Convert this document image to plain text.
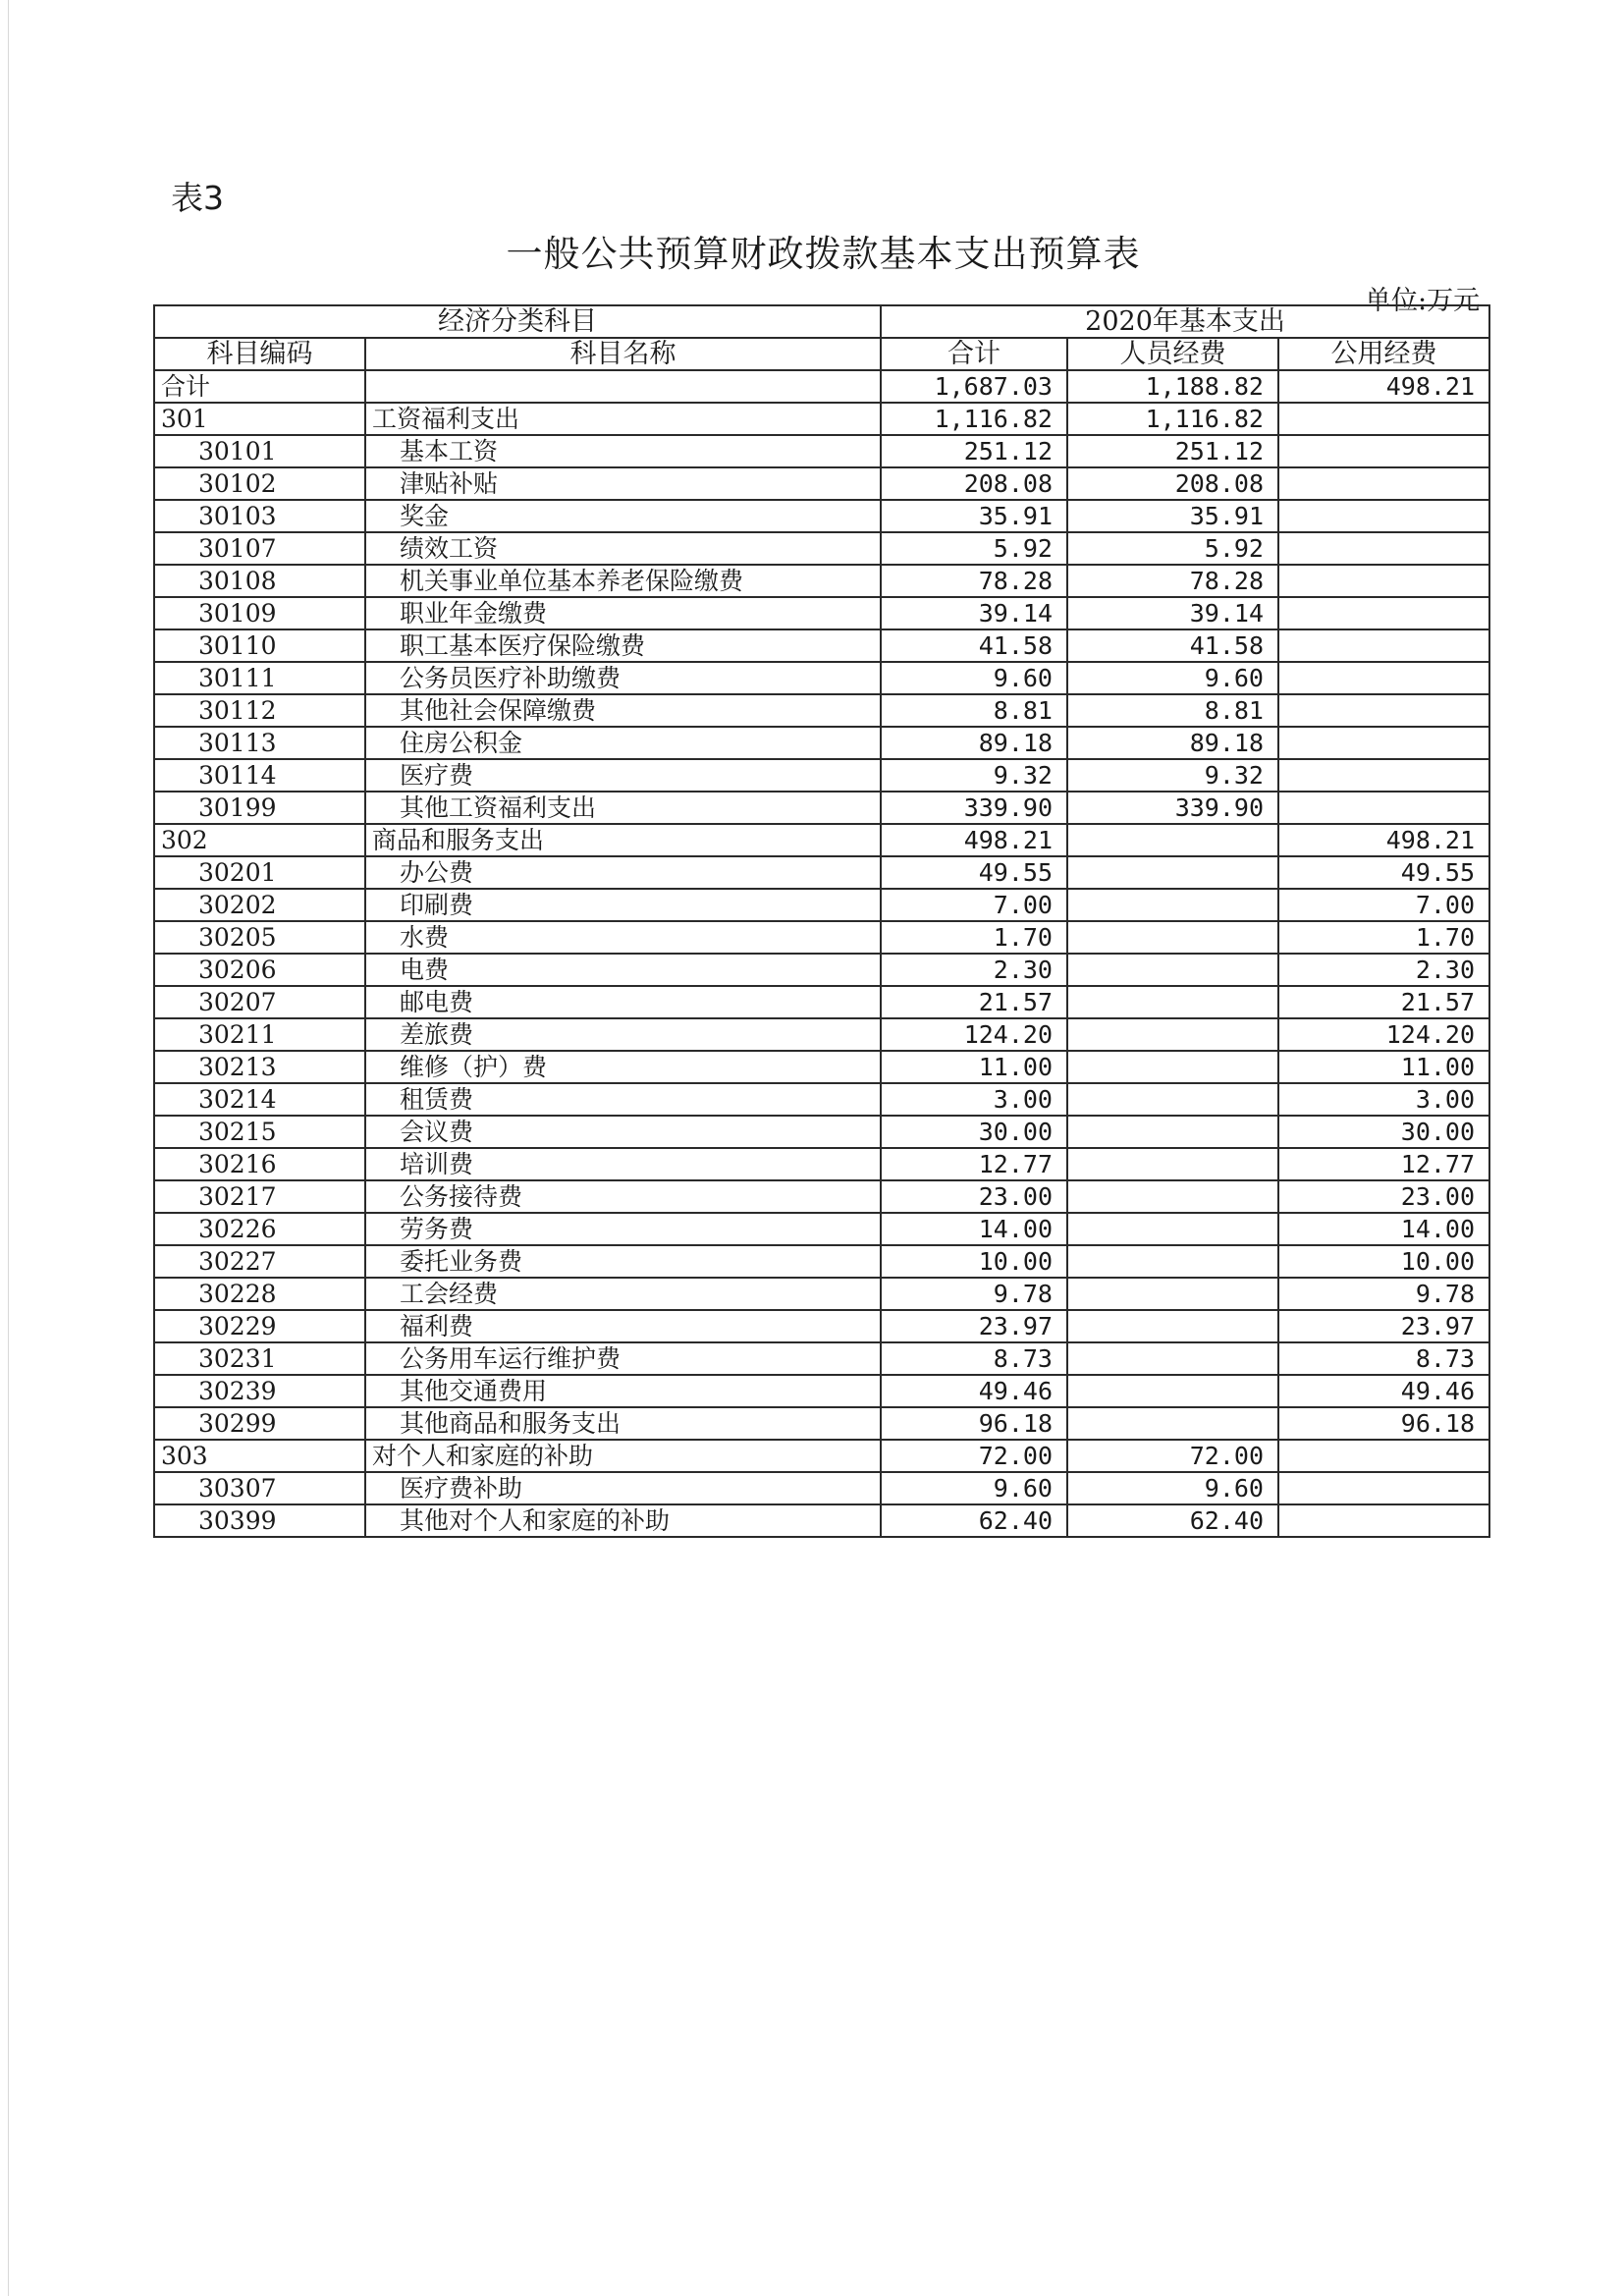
表3
一般公共预算财政拨款基本支出预算表
单位:万元
经济分类科目		2020年基本支出		
科目编码	科目名称	合计	人员经费	公用经费
合计		1,687.03	1,188.82	498.21
301	工资福利支出	1,116.82	1,116.82	
30101	基本工资	251.12	251.12	
30102	津贴补贴	208.08	208.08	
30103	奖金	35.91	35.91	
30107	绩效工资	5.92	5.92	
30108	机关事业单位基本养老保险缴费	78.28	78.28	
30109	职业年金缴费	39.14	39.14	
30110	职工基本医疗保险缴费	41.58	41.58	
30111	公务员医疗补助缴费	9.60	9.60	
30112	其他社会保障缴费	8.81	8.81	
30113	住房公积金	89.18	89.18	
30114	医疗费	9.32	9.32	
30199	其他工资福利支出	339.90	339.90	
302	商品和服务支出	498.21		498.21
30201	办公费	49.55		49.55
30202	印刷费	7.00		7.00
30205	水费	1.70		1.70
30206	电费	2.30		2.30
30207	邮电费	21.57		21.57
30211	差旅费	124.20		124.20
30213	维修（护）费	11.00		11.00
30214	租赁费	3.00		3.00
30215	会议费	30.00		30.00
30216	培训费	12.77		12.77
30217	公务接待费	23.00		23.00
30226	劳务费	14.00		14.00
30227	委托业务费	10.00		10.00
30228	工会经费	9.78		9.78
30229	福利费	23.97		23.97
30231	公务用车运行维护费	8.73		8.73
30239	其他交通费用	49.46		49.46
30299	其他商品和服务支出	96.18		96.18
303	对个人和家庭的补助	72.00	72.00	
30307	医疗费补助	9.60	9.60	
30399	其他对个人和家庭的补助	62.40	62.40	
